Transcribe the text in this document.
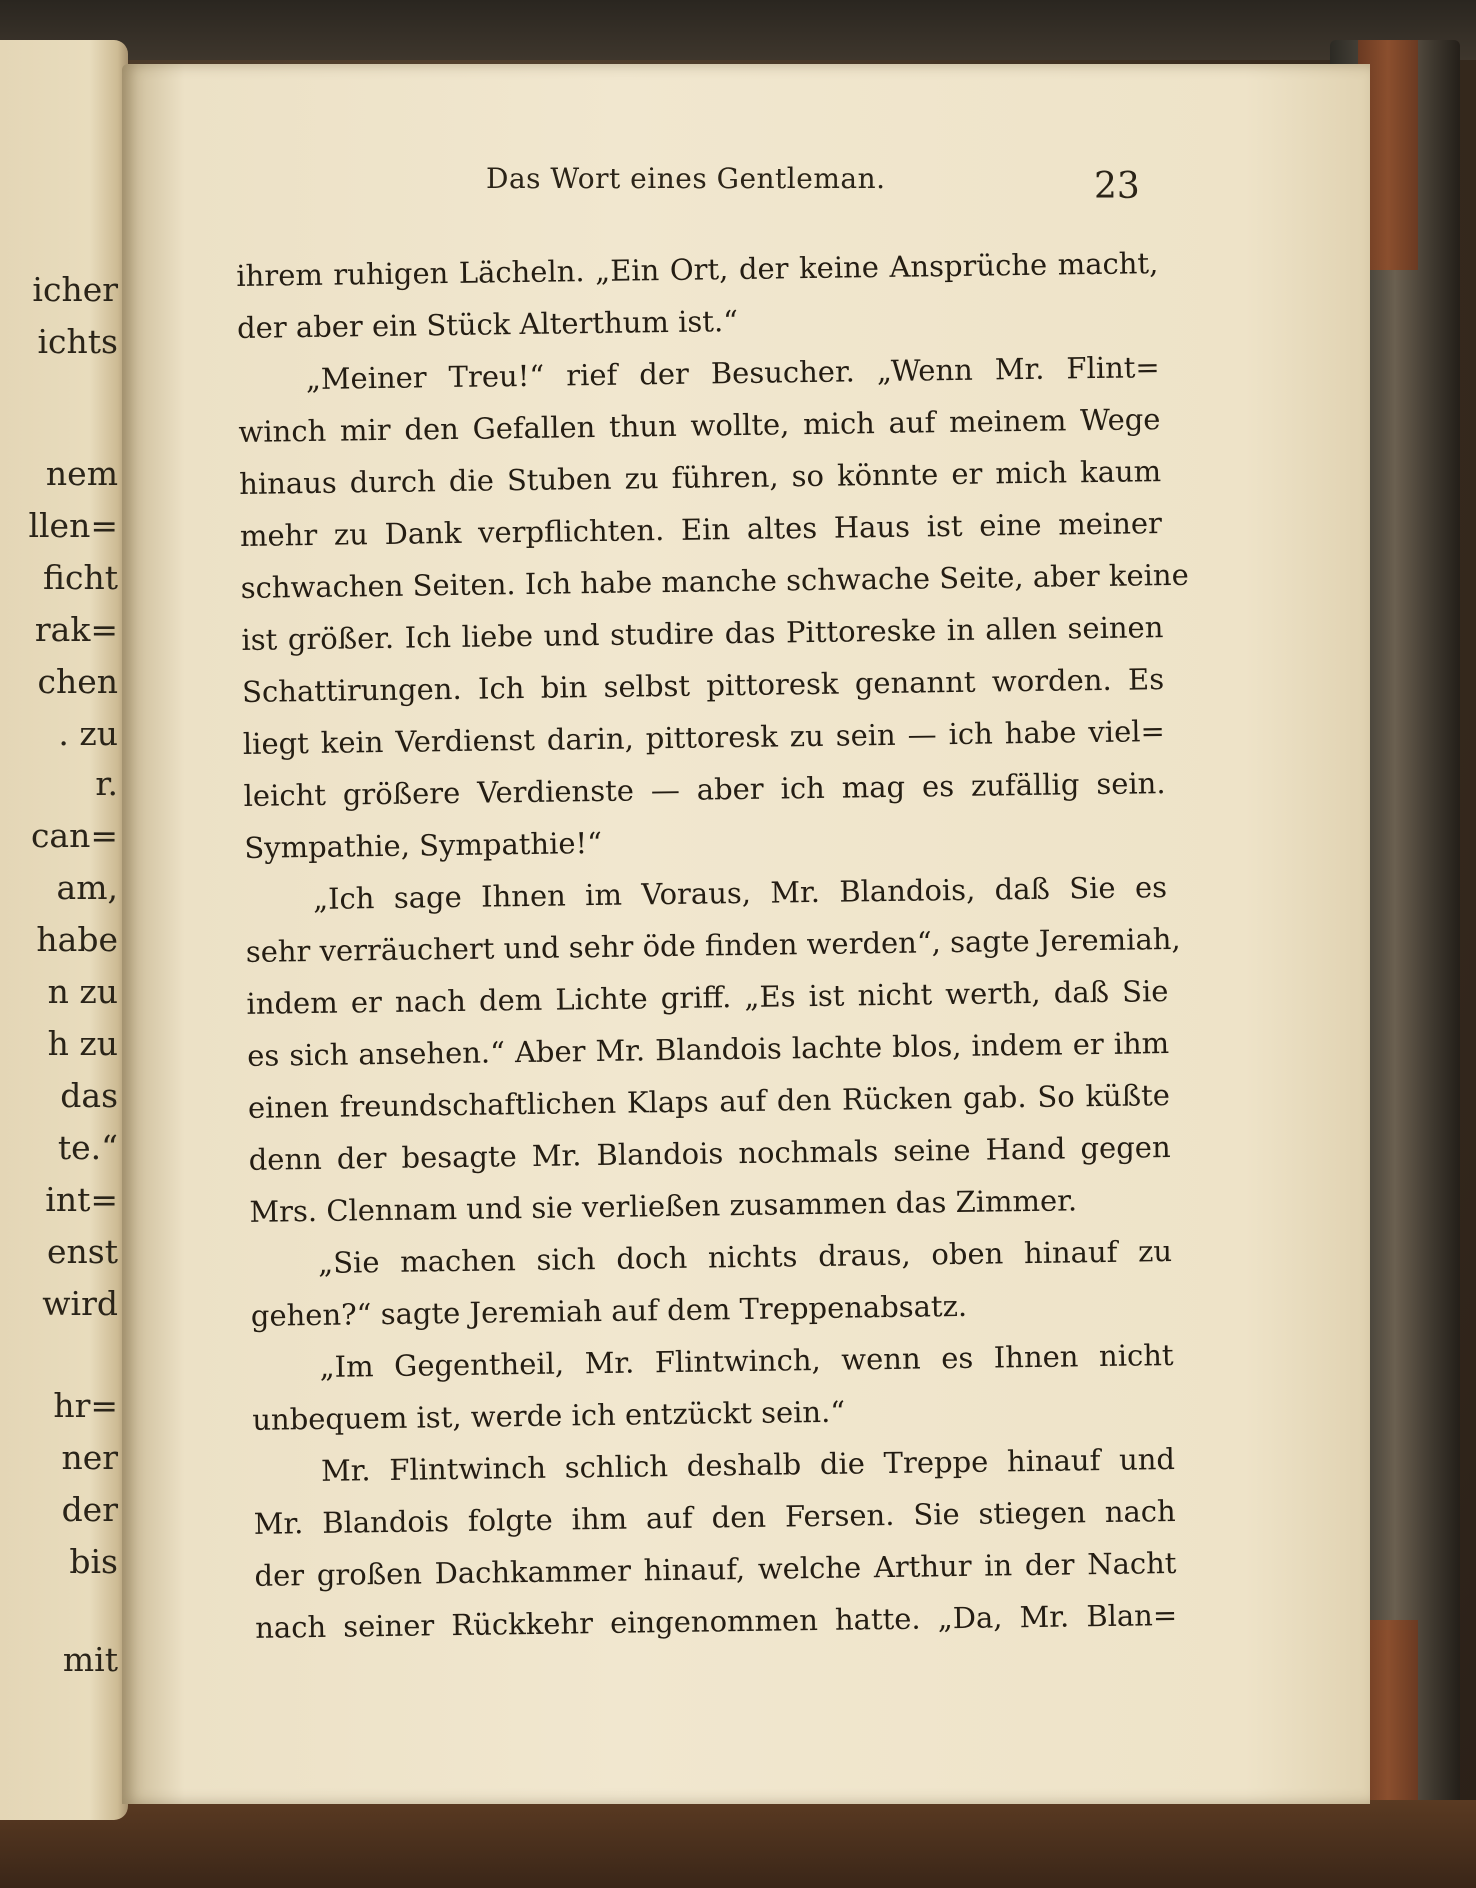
icher
ichts
nem
llen=
ficht
rak=
chen
. zu
r.
can=
am,
habe
n zu
h zu
das
te.“
int=
enst
wird
hr=
ner
der
bis
mit
Das Wort eines Gentleman.	23
ihrem ruhigen Lächeln. „Ein Ort, der keine Ansprüche macht,
der aber ein Stück Alterthum ist.“
„Meiner Treu!“ rief der Besucher. „Wenn Mr. Flint=
winch mir den Gefallen thun wollte, mich auf meinem Wege
hinaus durch die Stuben zu führen, so könnte er mich kaum
mehr zu Dank verpflichten. Ein altes Haus ist eine meiner
schwachen Seiten. Ich habe manche schwache Seite, aber keine
ist größer. Ich liebe und studire das Pittoreske in allen seinen
Schattirungen. Ich bin selbst pittoresk genannt worden. Es
liegt kein Verdienst darin, pittoresk zu sein — ich habe viel=
leicht größere Verdienste — aber ich mag es zufällig sein.
Sympathie, Sympathie!“
„Ich sage Ihnen im Voraus, Mr. Blandois, daß Sie es
sehr verräuchert und sehr öde finden werden“, sagte Jeremiah,
indem er nach dem Lichte griff. „Es ist nicht werth, daß Sie
es sich ansehen.“ Aber Mr. Blandois lachte blos, indem er ihm
einen freundschaftlichen Klaps auf den Rücken gab. So küßte
denn der besagte Mr. Blandois nochmals seine Hand gegen
Mrs. Clennam und sie verließen zusammen das Zimmer.
„Sie machen sich doch nichts draus, oben hinauf zu
gehen?“ sagte Jeremiah auf dem Treppenabsatz.
„Im Gegentheil, Mr. Flintwinch, wenn es Ihnen nicht
unbequem ist, werde ich entzückt sein.“
Mr. Flintwinch schlich deshalb die Treppe hinauf und
Mr. Blandois folgte ihm auf den Fersen. Sie stiegen nach
der großen Dachkammer hinauf, welche Arthur in der Nacht
nach seiner Rückkehr eingenommen hatte. „Da, Mr. Blan=
